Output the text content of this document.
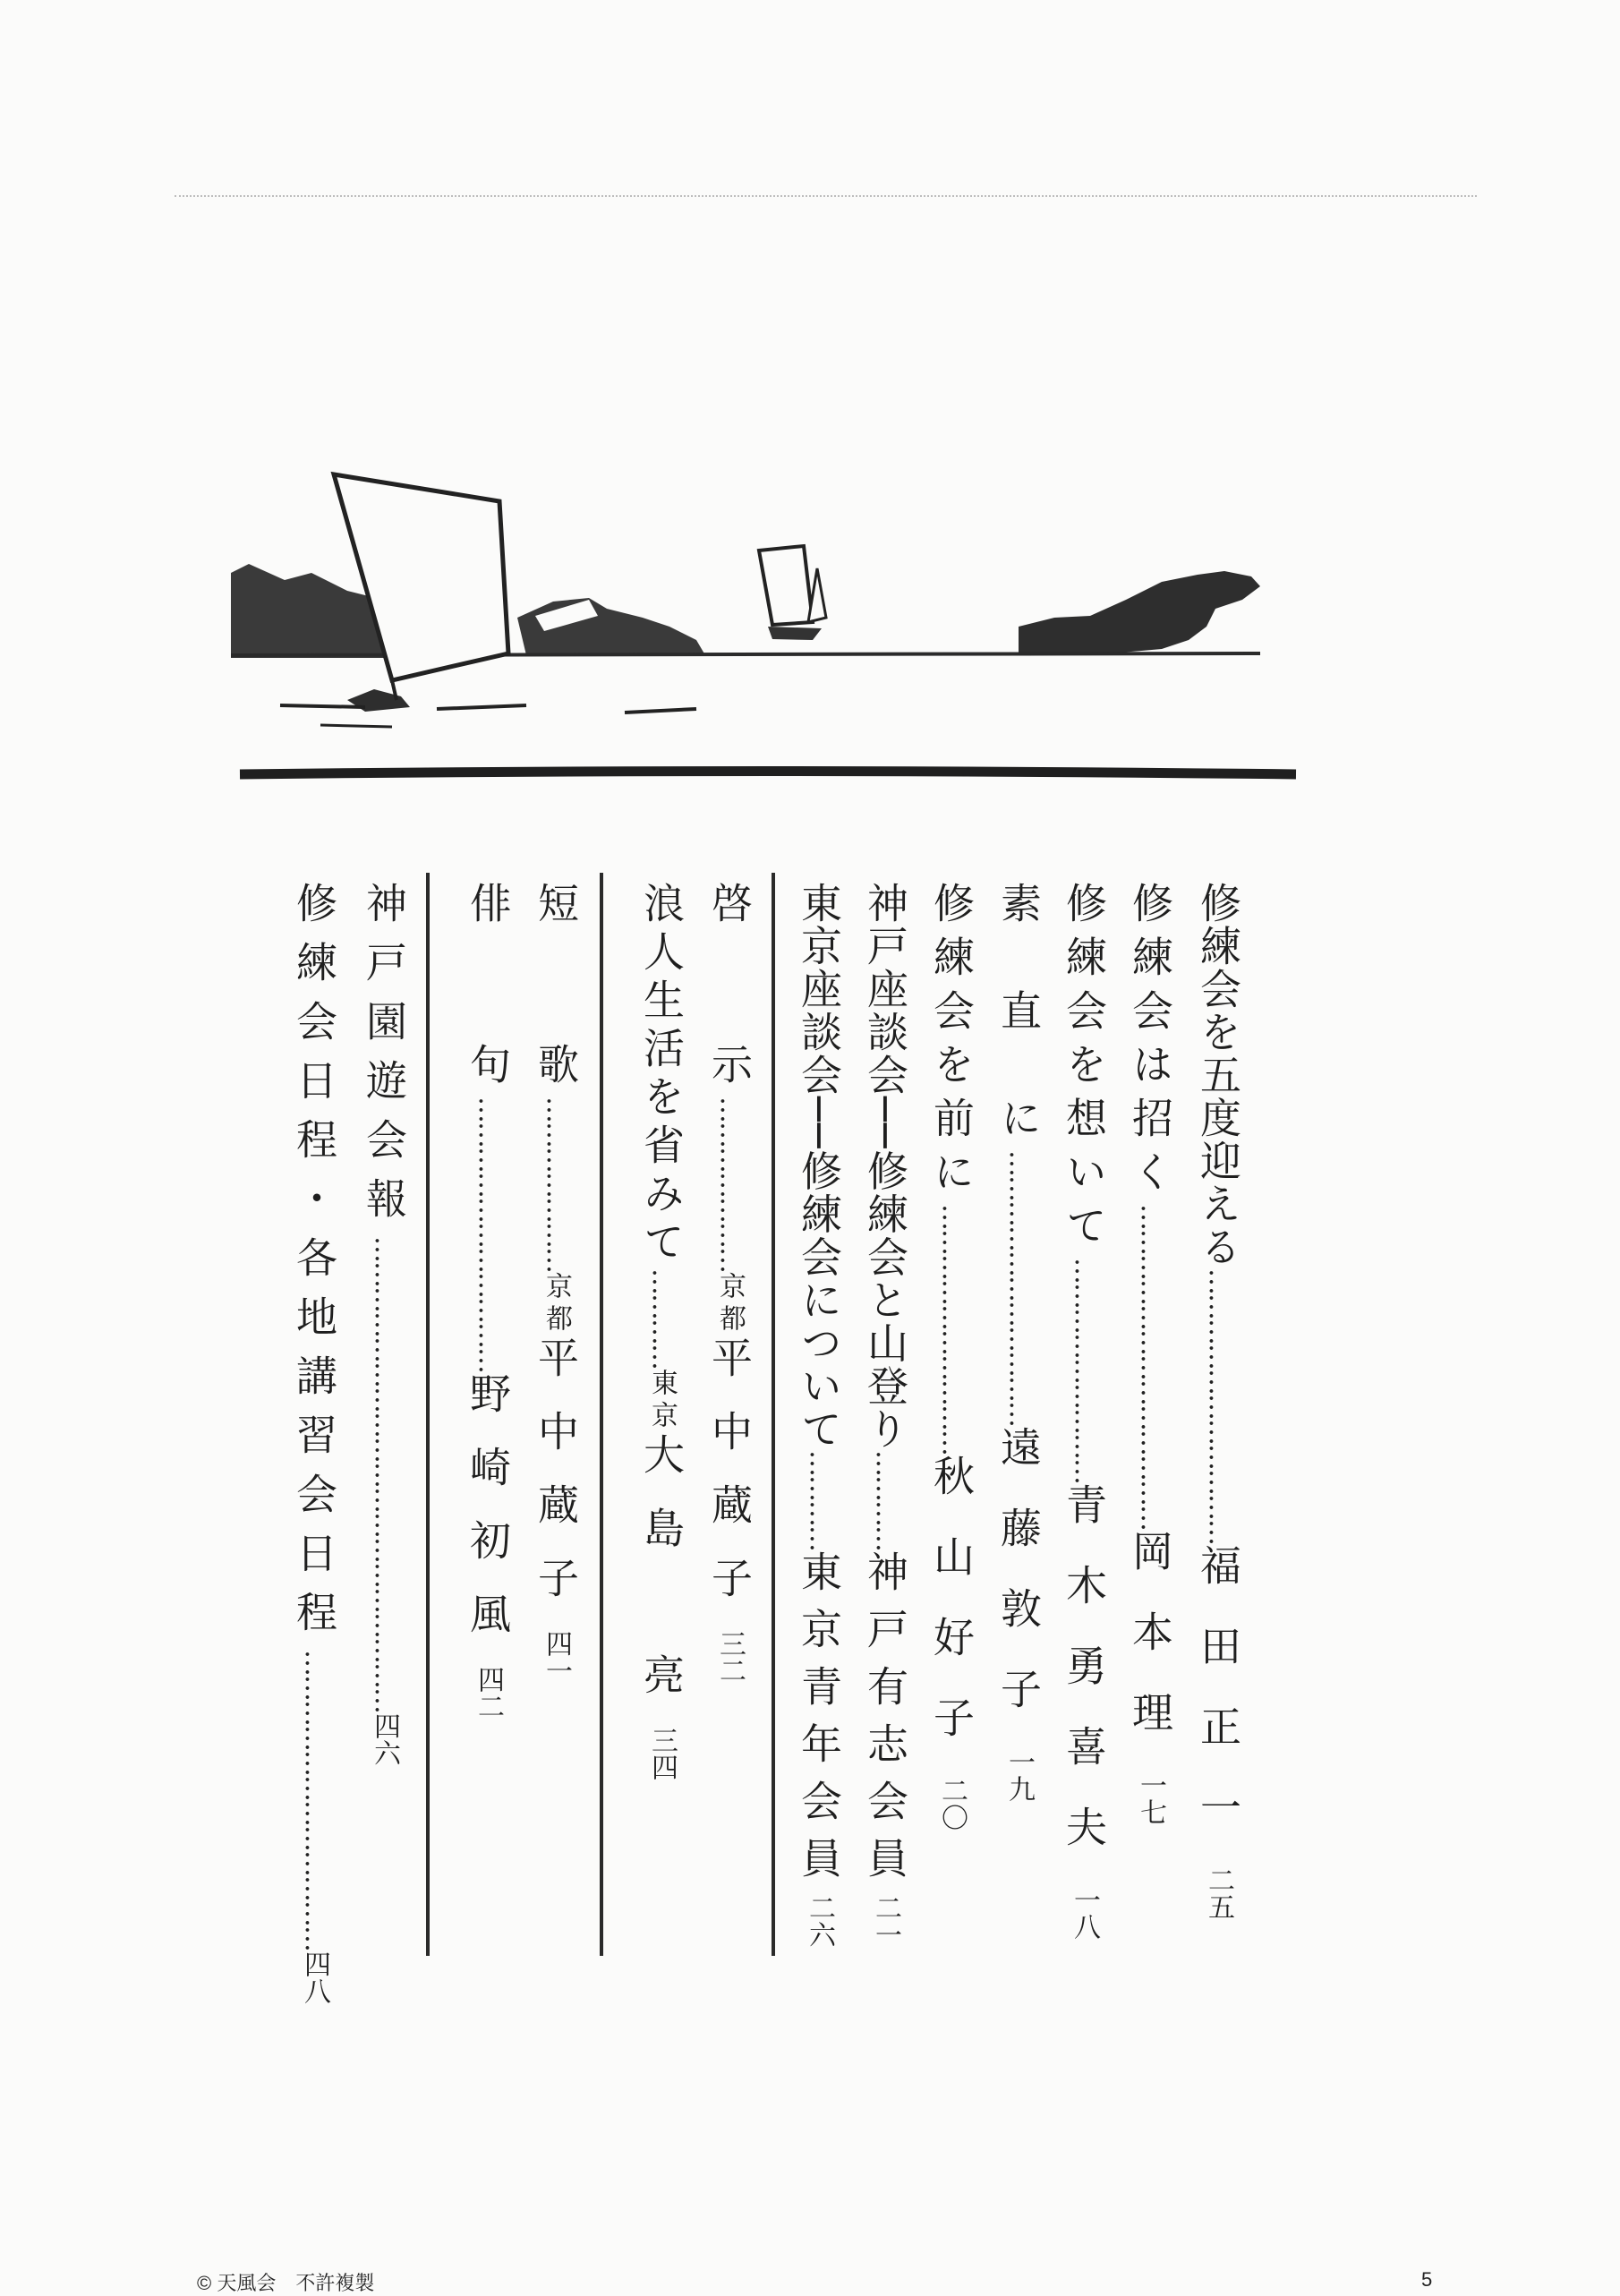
修練会を五度迎える……………………………福田正一二五
修練会は招く…………………………………岡本理一七
修練会を想いて………………………青木勇喜夫一八
素　直　に……………………………遠藤敦子一九
修練会を前に…………………………秋山好子二〇
神戸座談会──修練会と山登り…………神戸有志会員二一
東京座談会──修練会について…………東京青年会員二六
啓　　示…………………京都平中蔵子三二
浪人生活を省みて…………東京大島　亮三四
短　　歌…………………京都平中蔵子四一
俳　　句……………………………野崎初風四二
神戸園遊会報…………………………………………………四六
修練会日程・各地講習会日程………………………………四八
© 天風会　不許複製	5
